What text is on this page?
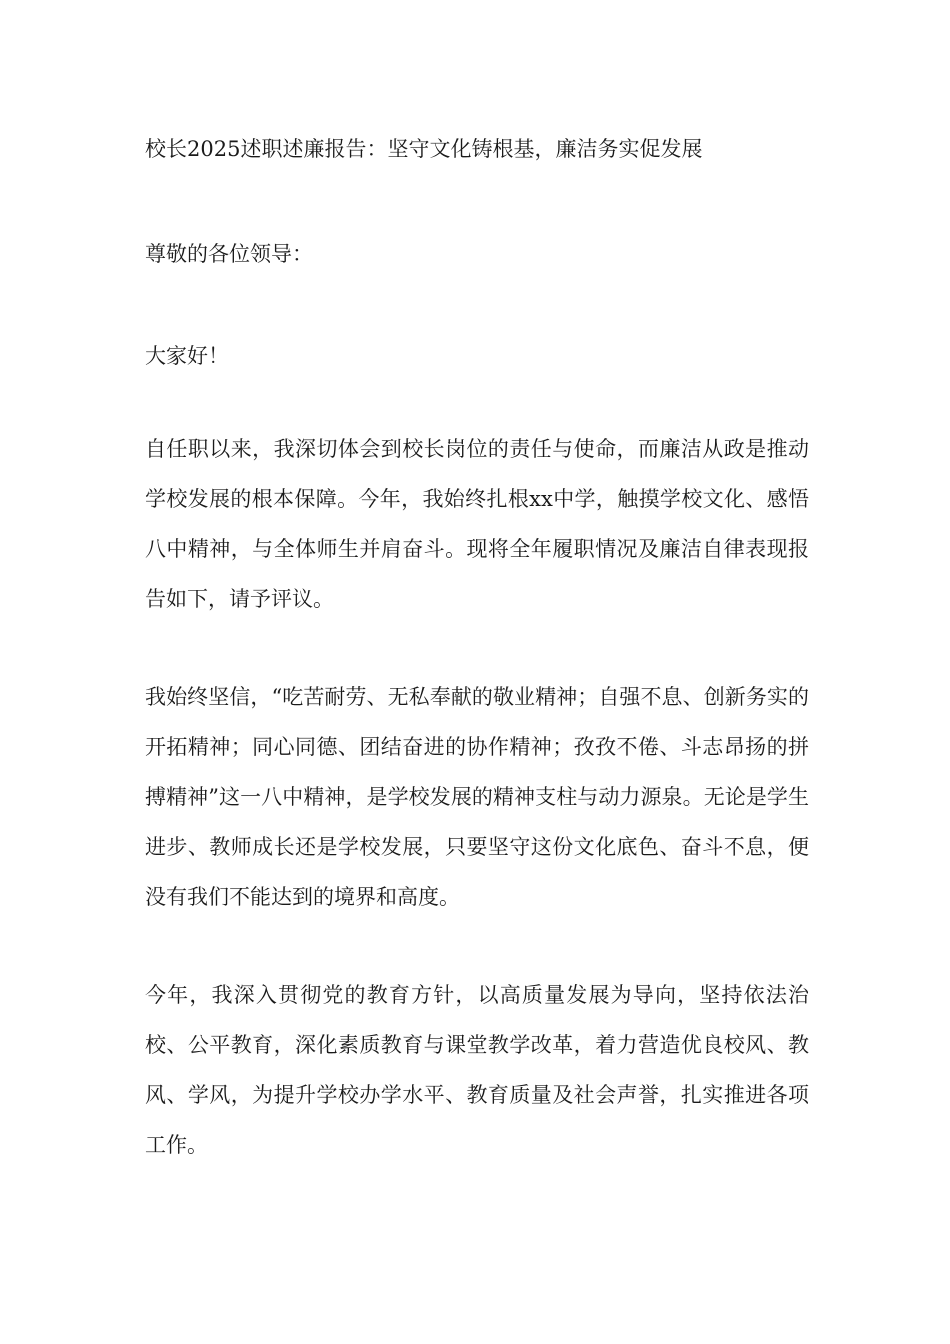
校长2025述职述廉报告：坚守文化铸根基，廉洁务实促发展

尊敬的各位领导：

大家好！

自任职以来，我深切体会到校长岗位的责任与使命，而廉洁从政是推动学校发展的根本保障。今年，我始终扎根xx中学，触摸学校文化、感悟八中精神，与全体师生并肩奋斗。现将全年履职情况及廉洁自律表现报告如下，请予评议。

我始终坚信，“吃苦耐劳、无私奉献的敬业精神；自强不息、创新务实的开拓精神；同心同德、团结奋进的协作精神；孜孜不倦、斗志昂扬的拼搏精神”这一八中精神，是学校发展的精神支柱与动力源泉。无论是学生进步、教师成长还是学校发展，只要坚守这份文化底色、奋斗不息，便没有我们不能达到的境界和高度。

今年，我深入贯彻党的教育方针，以高质量发展为导向，坚持依法治校、公平教育，深化素质教育与课堂教学改革，着力营造优良校风、教风、学风，为提升学校办学水平、教育质量及社会声誉，扎实推进各项工作。
